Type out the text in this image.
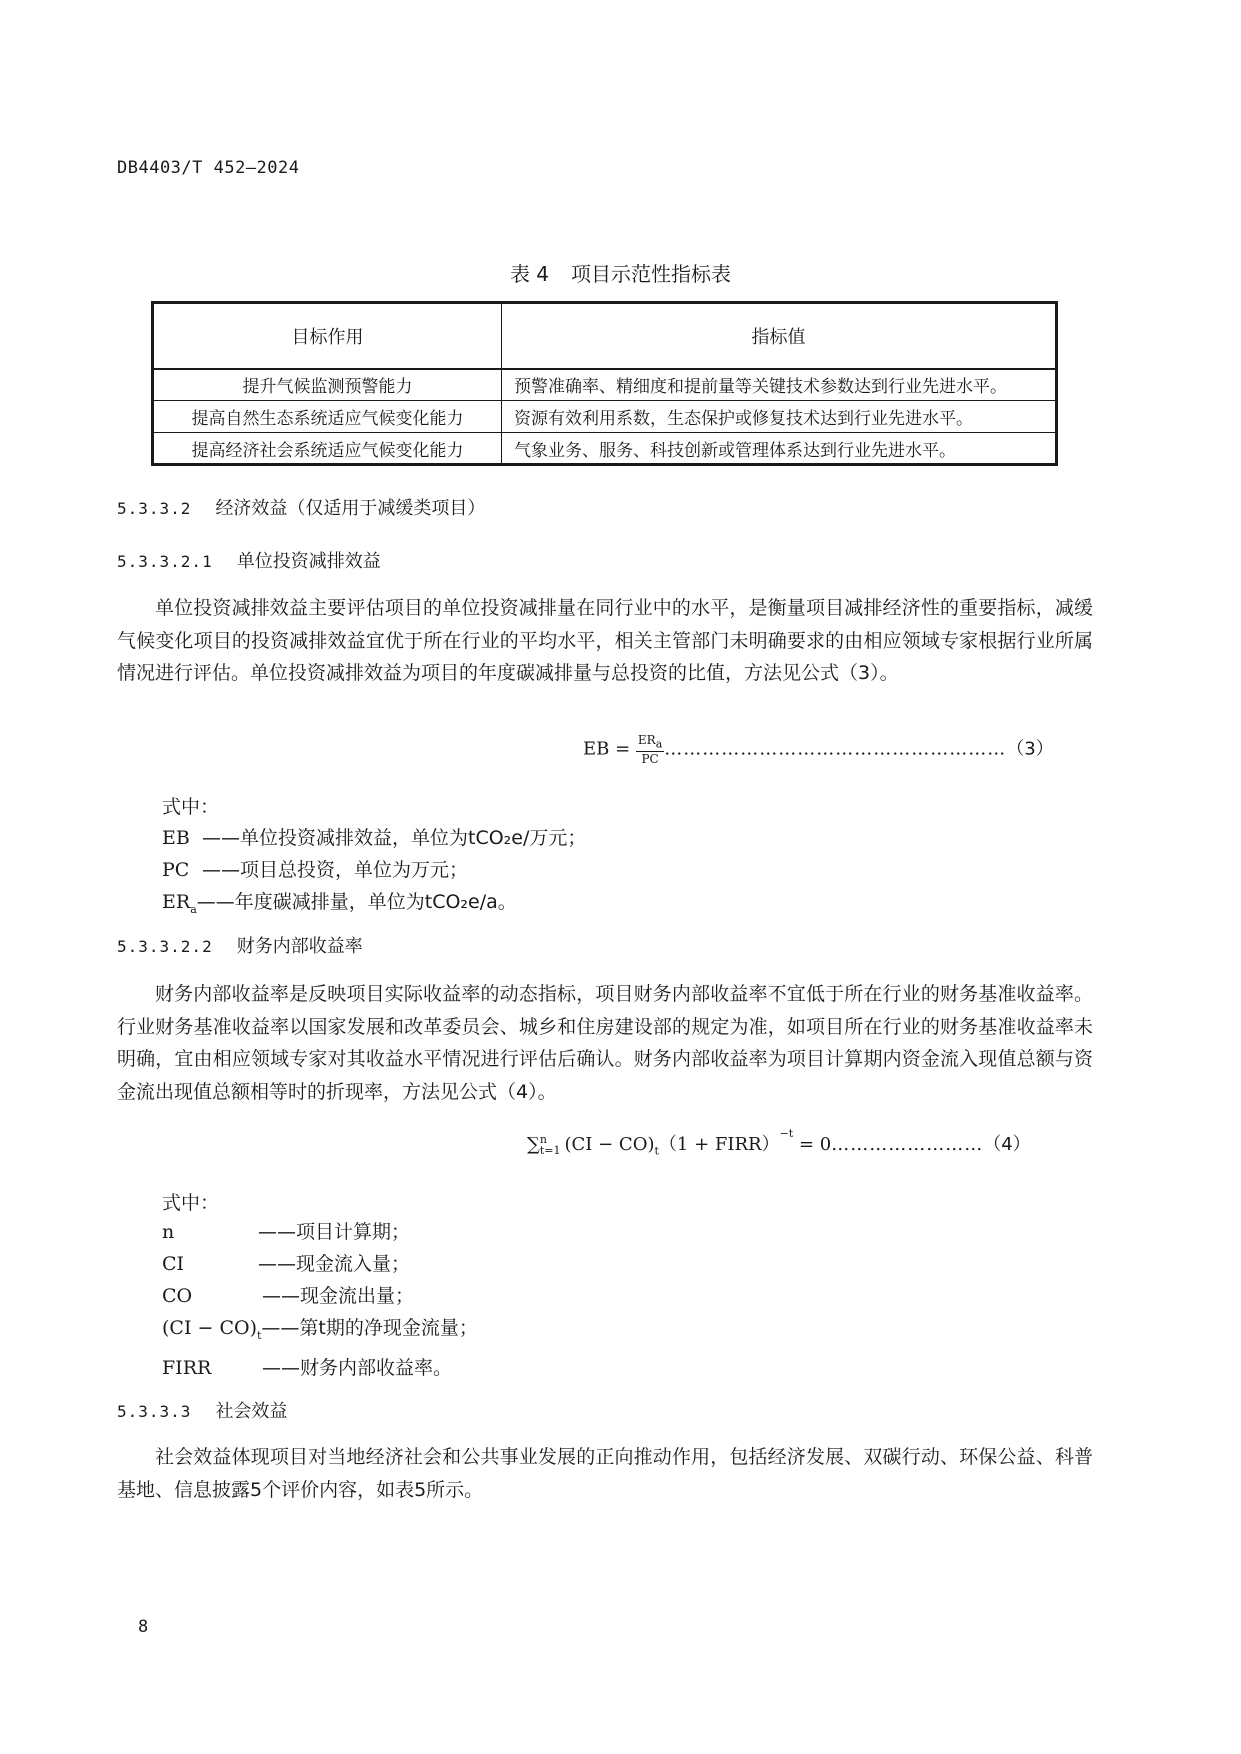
DB4403/T 452—2024
表 4 项目示范性指标表
目标作用	指标值
提升气候监测预警能力	预警准确率、精细度和提前量等关键技术参数达到行业先进水平。
提高自然生态系统适应气候变化能力	资源有效利用系数，生态保护或修复技术达到行业先进水平。
提高经济社会系统适应气候变化能力	气象业务、服务、科技创新或管理体系达到行业先进水平。
5.3.3.2 经济效益（仅适用于减缓类项目）
5.3.3.2.1 单位投资减排效益

单位投资减排效益主要评估项目的单位投资减排量在同行业中的水平，是衡量项目减排经济性的重要指标，减缓气候变化项目的投资减排效益宜优于所在行业的平均水平，相关主管部门未明确要求的由相应领域专家根据行业所属情况进行评估。单位投资减排效益为项目的年度碳减排量与总投资的比值，方法见公式（3）。

EB = $\frac{ER_a}{PC}$ ………………………………………………（3）
式中：
EB ——单位投资减排效益，单位为tCO₂e/万元；
PC ——项目总投资，单位为万元；
$ER_a$ ——年度碳减排量，单位为tCO₂e/a。
5.3.3.2.2 财务内部收益率

财务内部收益率是反映项目实际收益率的动态指标，项目财务内部收益率不宜低于所在行业的财务基准收益率。行业财务基准收益率以国家发展和改革委员会、城乡和住房建设部的规定为准，如项目所在行业的财务基准收益率未明确，宜由相应领域专家对其收益水平情况进行评估后确认。财务内部收益率为项目计算期内资金流入现值总额与资金流出现值总额相等时的折现率，方法见公式（4）。

∑ n
t=1 $(CI - CO)_t(1$ + FIRR）$^{-t}$ = 0……………………（4）
式中：
n	——项目计算期；
CI	——现金流入量；
CO	——现金流出量；
$(CI - CO)_t$ ——第t期的净现金流量；
FIRR	——财务内部收益率。
5.3.3.3 社会效益

社会效益体现项目对当地经济社会和公共事业发展的正向推动作用，包括经济发展、双碳行动、环保公益、科普基地、信息披露5个评价内容，如表5所示。

8
